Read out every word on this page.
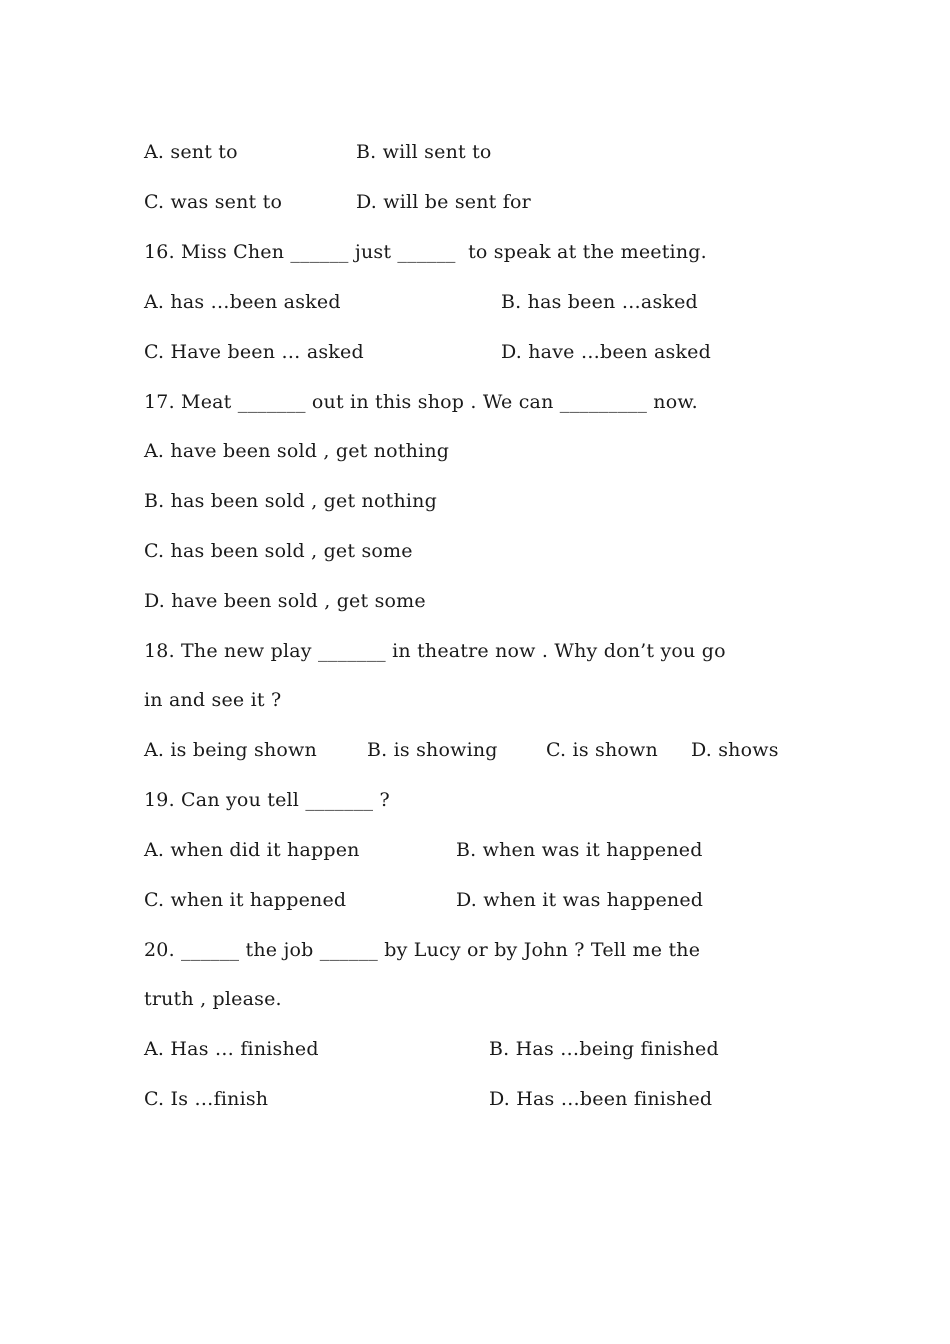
A. sent to	B. will sent to
C. was sent to	D. will be sent for
16. Miss Chen ______ just ______  to speak at the meeting.
A. has …been asked	B. has been …asked
C. Have been … asked	D. have …been asked
17. Meat _______ out in this shop . We can _________ now.
A. have been sold , get nothing
B. has been sold , get nothing
C. has been sold , get some
D. have been sold , get some
18. The new play _______ in theatre now . Why don’t you go
in and see it ?
A. is being shown	B. is showing	C. is shown D. shows
19. Can you tell _______ ?
A. when did it happen	B. when was it happened
C. when it happened	D. when it was happened
20. ______ the job ______ by Lucy or by John ? Tell me the
truth , please.
A. Has … finished	B. Has …being finished
C. Is …finish	D. Has …been finished
